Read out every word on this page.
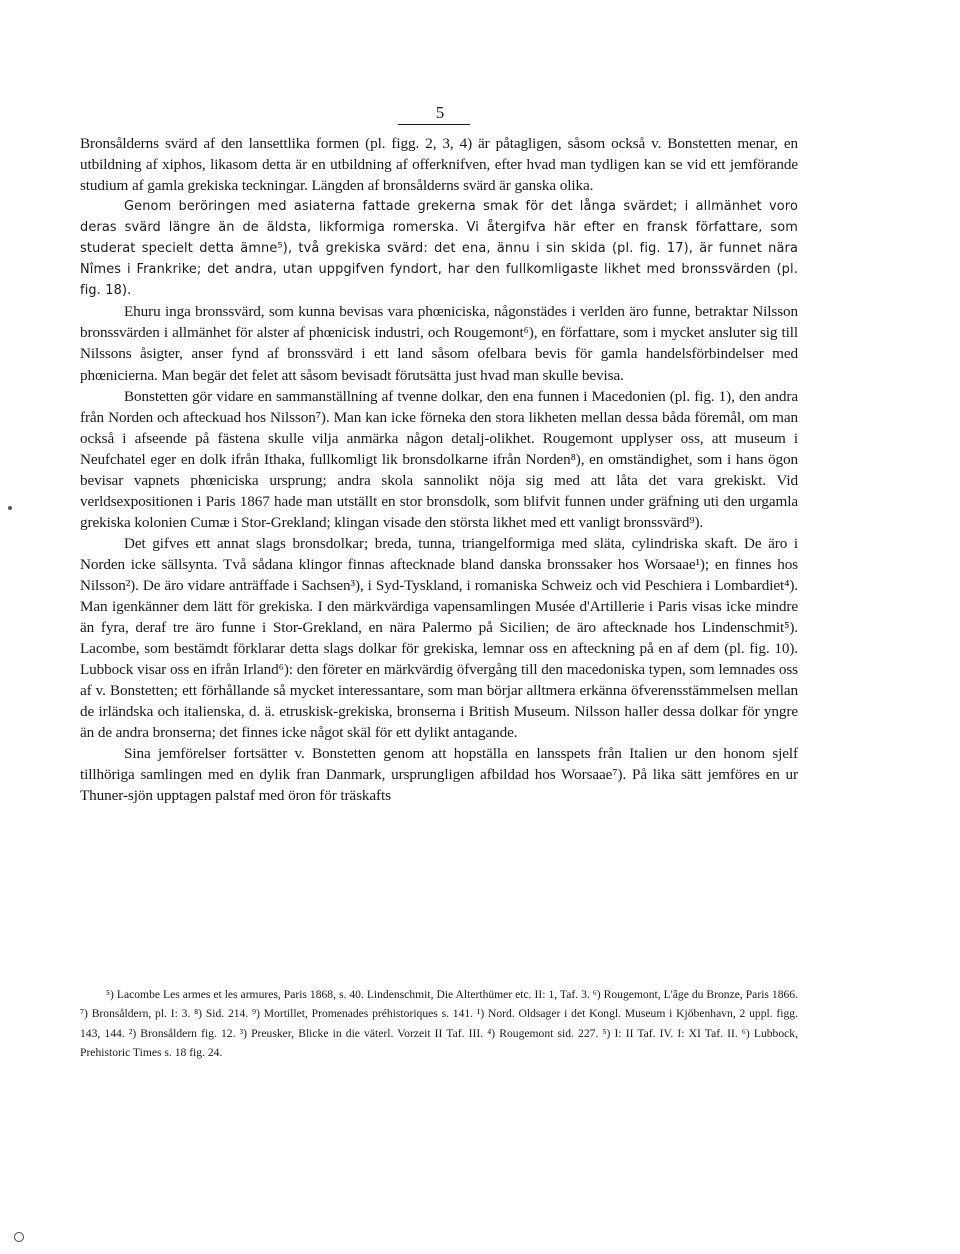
5

Bronsålderns svärd af den lansettlika formen (pl. figg. 2, 3, 4) är påtagligen, såsom också v. Bonstetten menar, en utbildning af xiphos, likasom detta är en utbildning af offerknifven, efter hvad man tydligen kan se vid ett jemförande studium af gamla grekiska teckningar. Längden af bronsålderns svärd är ganska olika.

Genom beröringen med asiaterna fattade grekerna smak för det långa svärdet; i allmänhet voro deras svärd längre än de äldsta, likformiga romerska. Vi återgifva här efter en fransk författare, som studerat specielt detta ämne⁵), två grekiska svärd: det ena, ännu i sin skida (pl. fig. 17), är funnet nära Nîmes i Frankrike; det andra, utan uppgifven fyndort, har den fullkomligaste likhet med bronssvärden (pl. fig. 18).

Ehuru inga bronssvärd, som kunna bevisas vara phœniciska, någonstädes i verlden äro funne, betraktar Nilsson bronssvärden i allmänhet för alster af phœnicisk industri, och Rougemont⁶), en författare, som i mycket ansluter sig till Nilssons åsigter, anser fynd af bronssvärd i ett land såsom ofelbara bevis för gamla handelsförbindelser med phœnicierna. Man begär det felet att såsom bevisadt förutsätta just hvad man skulle bevisa.

Bonstetten gör vidare en sammanställning af tvenne dolkar, den ena funnen i Macedonien (pl. fig. 1), den andra från Norden och afteckuad hos Nilsson⁷). Man kan icke förneka den stora likheten mellan dessa båda föremål, om man också i afseende på fästena skulle vilja anmärka någon detalj-olikhet. Rougemont upplyser oss, att museum i Neufchatel eger en dolk ifrån Ithaka, fullkomligt lik bronsdolkarne ifrån Norden⁸), en omständighet, som i hans ögon bevisar vapnets phœniciska ursprung; andra skola sannolikt nöja sig med att låta det vara grekiskt. Vid verldsexpositionen i Paris 1867 hade man utställt en stor bronsdolk, som blifvit funnen under gräfning uti den urgamla grekiska kolonien Cumæ i Stor-Grekland; klingan visade den största likhet med ett vanligt bronssvärd⁹).

Det gifves ett annat slags bronsdolkar; breda, tunna, triangelformiga med släta, cylindriska skaft. De äro i Norden icke sällsynta. Två sådana klingor finnas aftecknade bland danska bronssaker hos Worsaae¹); en finnes hos Nilsson²). De äro vidare anträffade i Sachsen³), i Syd-Tyskland, i romaniska Schweiz och vid Peschiera i Lombardiet⁴). Man igenkänner dem lätt för grekiska. I den märkvärdiga vapensamlingen Musée d'Artillerie i Paris visas icke mindre än fyra, deraf tre äro funne i Stor-Grekland, en nära Palermo på Sicilien; de äro aftecknade hos Lindenschmit⁵). Lacombe, som bestämdt förklarar detta slags dolkar för grekiska, lemnar oss en afteckning på en af dem (pl. fig. 10). Lubbock visar oss en ifrån Irland⁶): den företer en märkvärdig öfvergång till den macedoniska typen, som lemnades oss af v. Bonstetten; ett förhållande så mycket interessantare, som man börjar alltmera erkänna öfverensstämmelsen mellan de irländska och italienska, d. ä. etruskisk-grekiska, bronserna i British Museum. Nilsson haller dessa dolkar för yngre än de andra bronserna; det finnes icke något skäl för ett dylikt antagande.

Sina jemförelser fortsätter v. Bonstetten genom att hopställa en lansspets från Italien ur den honom sjelf tillhöriga samlingen med en dylik fran Danmark, ursprungligen afbildad hos Worsaae⁷). På lika sätt jemföres en ur Thuner-sjön upptagen palstaf med öron för träskafts

⁵) Lacombe Les armes et les armures, Paris 1868, s. 40. Lindenschmit, Die Alterthümer etc. II: 1, Taf. 3. ⁶) Rougemont, L'âge du Bronze, Paris 1866. ⁷) Bronsåldern, pl. I: 3. ⁸) Sid. 214. ⁹) Mortillet, Promenades préhistoriques s. 141. ¹) Nord. Oldsager i det Kongl. Museum i Kjöbenhavn, 2 uppl. figg. 143, 144. ²) Bronsåldern fig. 12. ³) Preusker, Blicke in die väterl. Vorzeit II Taf. III. ⁴) Rougemont sid. 227. ⁵) I: II Taf. IV. I: XI Taf. II. ⁶) Lubbock, Prehistoric Times s. 18 fig. 24.
